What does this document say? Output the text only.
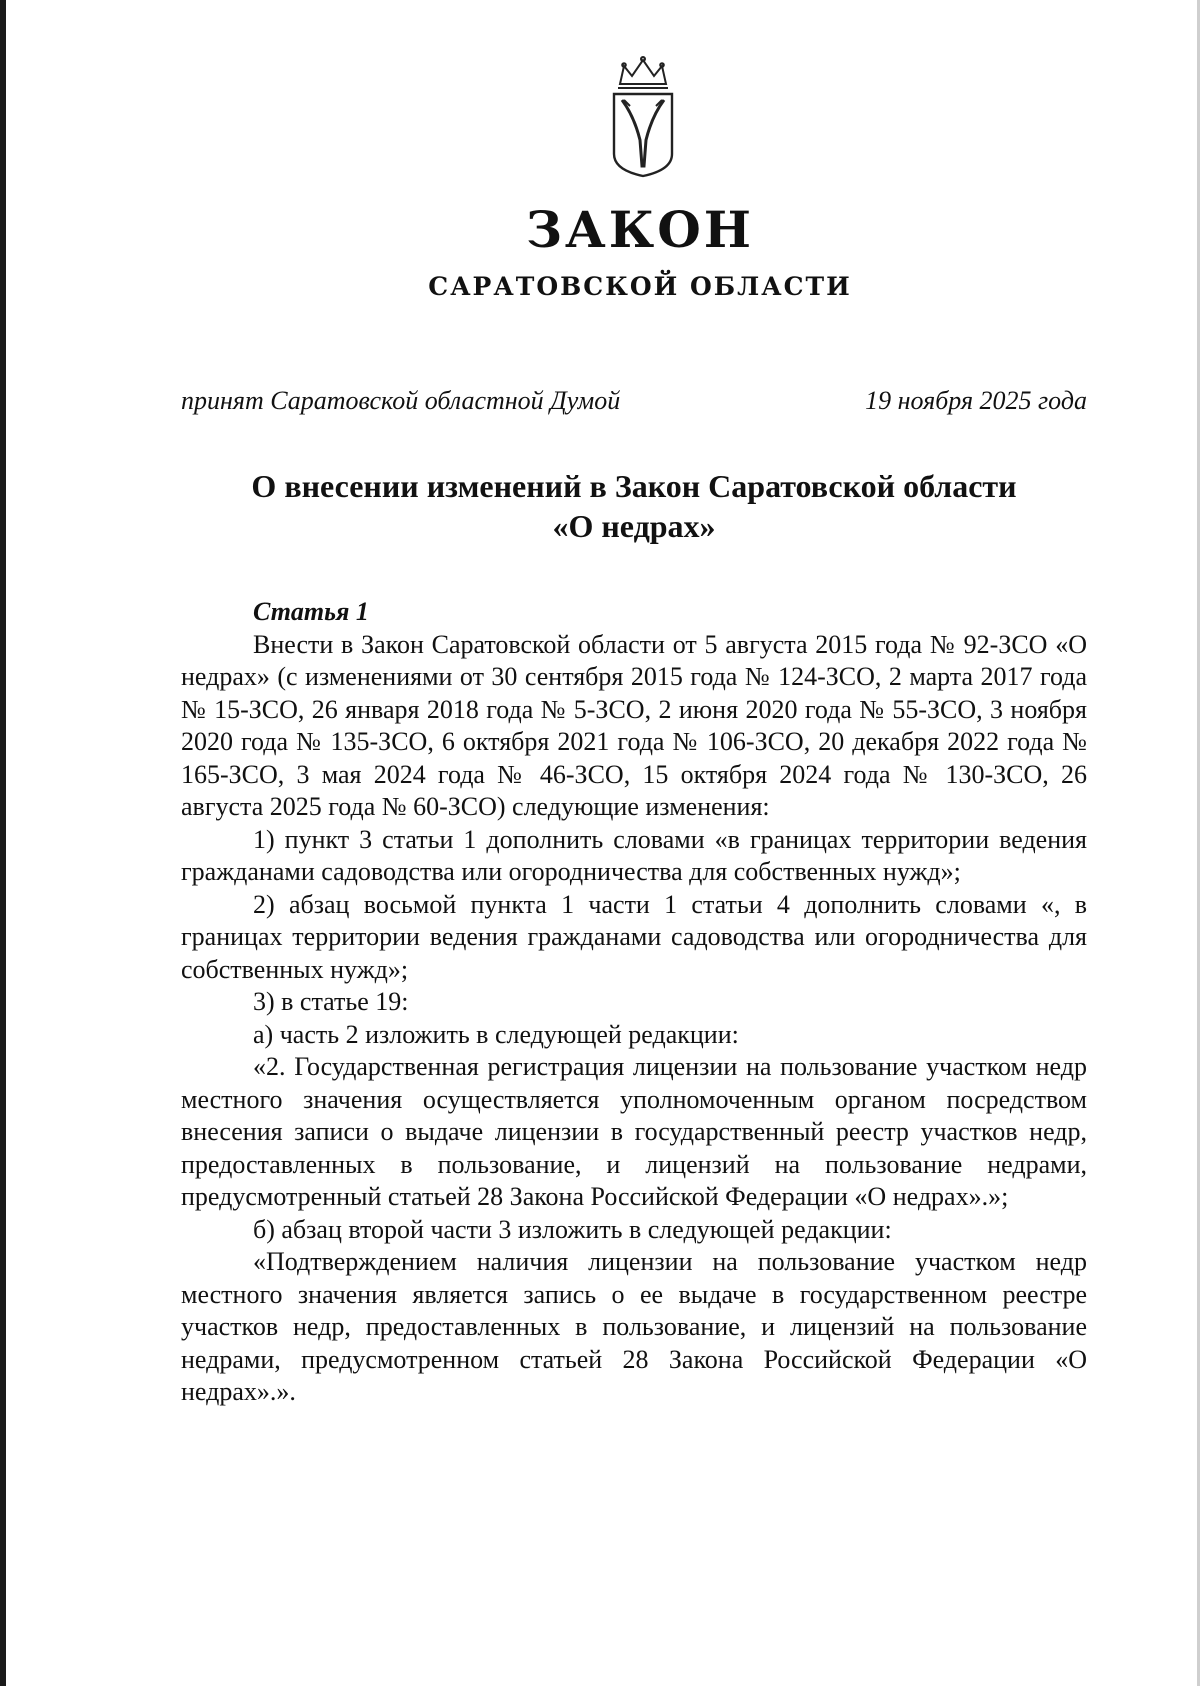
ЗАКОН
САРАТОВСКОЙ ОБЛАСТИ
принят Саратовской областной Думой	19 ноября 2025 года
О внесении изменений в Закон Саратовской области
«О недрах»
Статья 1

Внести в Закон Саратовской области от 5 августа 2015 года № 92-ЗСО «О недрах» (с изменениями от 30 сентября 2015 года № 124-ЗСО, 2 марта 2017 года № 15-ЗСО, 26 января 2018 года № 5-ЗСО, 2 июня 2020 года № 55-ЗСО, 3 ноября 2020 года № 135-ЗСО, 6 октября 2021 года № 106-ЗСО, 20 декабря 2022 года № 165-ЗСО, 3 мая 2024 года № 46-ЗСО, 15 октября 2024 года № 130-ЗСО, 26 августа 2025 года № 60-ЗСО) следующие изменения:

1) пункт 3 статьи 1 дополнить словами «в границах территории ведения гражданами садоводства или огородничества для собственных нужд»;

2) абзац восьмой пункта 1 части 1 статьи 4 дополнить словами «, в границах территории ведения гражданами садоводства или огородничества для собственных нужд»;

3) в статье 19:

а) часть 2 изложить в следующей редакции:

«2. Государственная регистрация лицензии на пользование участком недр местного значения осуществляется уполномоченным органом посредством внесения записи о выдаче лицензии в государственный реестр участков недр, предоставленных в пользование, и лицензий на пользование недрами, предусмотренный статьей 28 Закона Российской Федерации «О недрах».»;

б) абзац второй части 3 изложить в следующей редакции:

«Подтверждением наличия лицензии на пользование участком недр местного значения является запись о ее выдаче в государственном реестре участков недр, предоставленных в пользование, и лицензий на пользование недрами, предусмотренном статьей 28 Закона Российской Федерации «О недрах».».
